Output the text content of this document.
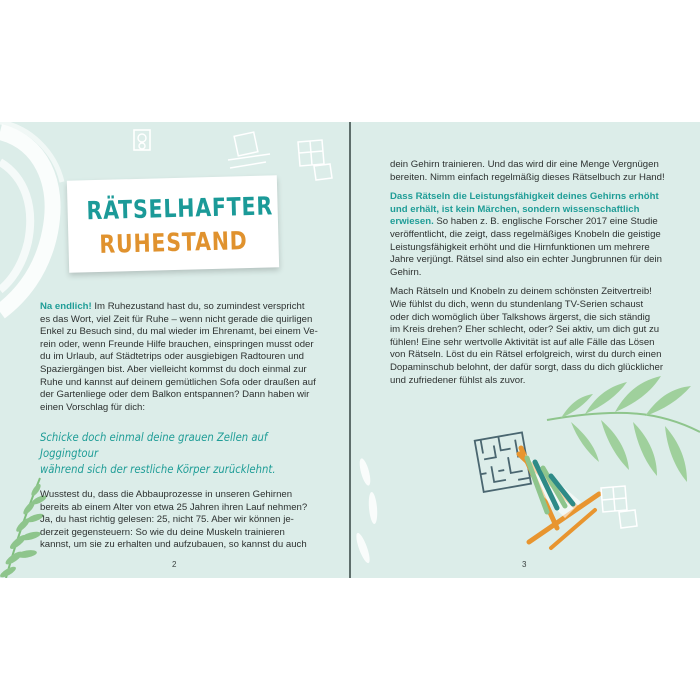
RÄTSELHAFTER
RUHESTAND
Na endlich! Im Ruhezustand hast du, so zumindest verspricht
es das Wort, viel Zeit für Ruhe – wenn nicht gerade die quirligen
Enkel zu Besuch sind, du mal wieder im Ehrenamt, bei einem Ve-
rein oder, wenn Freunde Hilfe brauchen, einspringen musst oder
du im Urlaub, auf Städtetrips oder ausgiebigen Radtouren und
Spaziergängen bist. Aber vielleicht kommst du doch einmal zur
Ruhe und kannst auf deinem gemütlichen Sofa oder draußen auf
der Gartenliege oder dem Balkon entspannen? Dann haben wir
einen Vorschlag für dich:
Schicke doch einmal deine grauen Zellen auf Joggingtour
während sich der restliche Körper zurücklehnt.
Wusstest du, dass die Abbauprozesse in unseren Gehirnen
bereits ab einem Alter von etwa 25 Jahren ihren Lauf nehmen?
Ja, du hast richtig gelesen: 25, nicht 75. Aber wir können je-
derzeit gegensteuern: So wie du deine Muskeln trainieren
kannst, um sie zu erhalten und aufzubauen, so kannst du auch
2
dein Gehirn trainieren. Und das wird dir eine Menge Vergnügen
bereiten. Nimm einfach regelmäßig dieses Rätselbuch zur Hand!
Dass Rätseln die Leistungsfähigkeit deines Gehirns erhöht
und erhält, ist kein Märchen, sondern wissenschaftlich
erwiesen. So haben z. B. englische Forscher 2017 eine Studie
veröffentlicht, die zeigt, dass regelmäßiges Knobeln die geistige
Leistungsfähigkeit erhöht und die Hirnfunktionen um mehrere
Jahre verjüngt. Rätsel sind also ein echter Jungbrunnen für dein
Gehirn.
Mach Rätseln und Knobeln zu deinem schönsten Zeitvertreib!
Wie fühlst du dich, wenn du stundenlang TV-Serien schaust
oder dich womöglich über Talkshows ärgerst, die sich ständig
im Kreis drehen? Eher schlecht, oder? Sei aktiv, um dich gut zu
fühlen! Eine sehr wertvolle Aktivität ist auf alle Fälle das Lösen
von Rätseln. Löst du ein Rätsel erfolgreich, wirst du durch einen
Dopaminschub belohnt, der dafür sorgt, dass du dich glücklicher
und zufriedener fühlst als zuvor.
3
